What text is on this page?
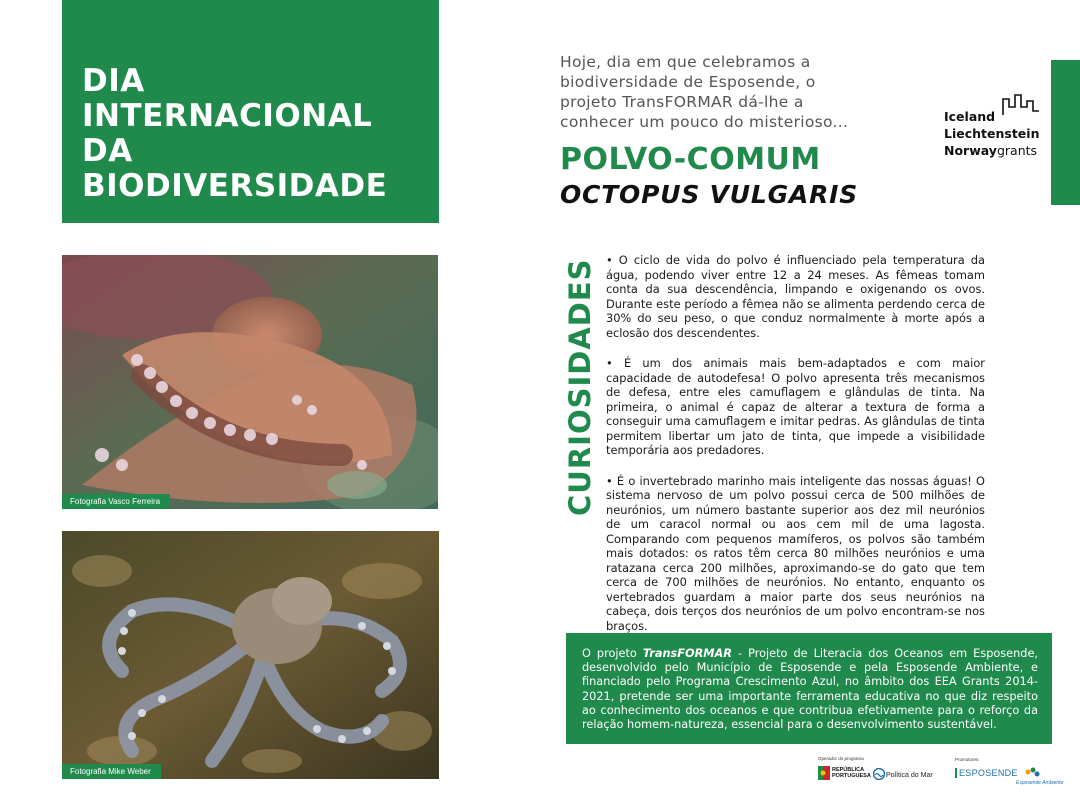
DIA
INTERNACIONAL
DA
BIODIVERSIDADE
Fotografia Vasco Ferreira
Fotografia Mike Weber

Hoje, dia em que celebramos a biodiversidade de Esposende, o projeto TransFORMAR dá-lhe a conhecer um pouco do misterioso...

POLVO-COMUM
OCTOPUS VULGARIS
Iceland
Liechtenstein
Norwaygrants
CURIOSIDADES • O ciclo de vida do polvo é influenciado pela temperatura da água, podendo viver entre 12 a 24 meses. As fêmeas tomam conta da sua descendência, limpando e oxigenando os ovos. Durante este período a fêmea não se alimenta perdendo cerca de 30% do seu peso, o que conduz normalmente à morte após a eclosão dos descendentes.

• É um dos animais mais bem-adaptados e com maior capacidade de autodefesa! O polvo apresenta três mecanismos de defesa, entre eles camuflagem e glândulas de tinta. Na primeira, o animal é capaz de alterar a textura de forma a conseguir uma camuflagem e imitar pedras. As glândulas de tinta permitem libertar um jato de tinta, que impede a visibilidade temporária aos predadores.

• É o invertebrado marinho mais inteligente das nossas águas! O sistema nervoso de um polvo possui cerca de 500 milhões de neurónios, um número bastante superior aos dez mil neurónios de um caracol normal ou aos cem mil de uma lagosta. Comparando com pequenos mamíferos, os polvos são também mais dotados: os ratos têm cerca 80 milhões neurónios e uma ratazana cerca 200 milhões, aproximando-se do gato que tem cerca de 700 milhões de neurónios. No entanto, enquanto os vertebrados guardam a maior parte dos seus neurónios na cabeça, dois terços dos neurónios de um polvo encontram-se nos braços.

O projeto TransFORMAR - Projeto de Literacia dos Oceanos em Esposende, desenvolvido pelo Município de Esposende e pela Esposende Ambiente, e financiado pelo Programa Crescimento Azul, no âmbito dos EEA Grants 2014-2021, pretende ser uma importante ferramenta educativa no que diz respeito ao conhecimento dos oceanos e que contribua efetivamente para o reforço da relação homem-natureza, essencial para o desenvolvimento sustentável.

Operador do programa	Promotores:
REPÚBLICA
PORTUGUESA Política do Mar	ESPOSENDE
Esposende Ambiente
